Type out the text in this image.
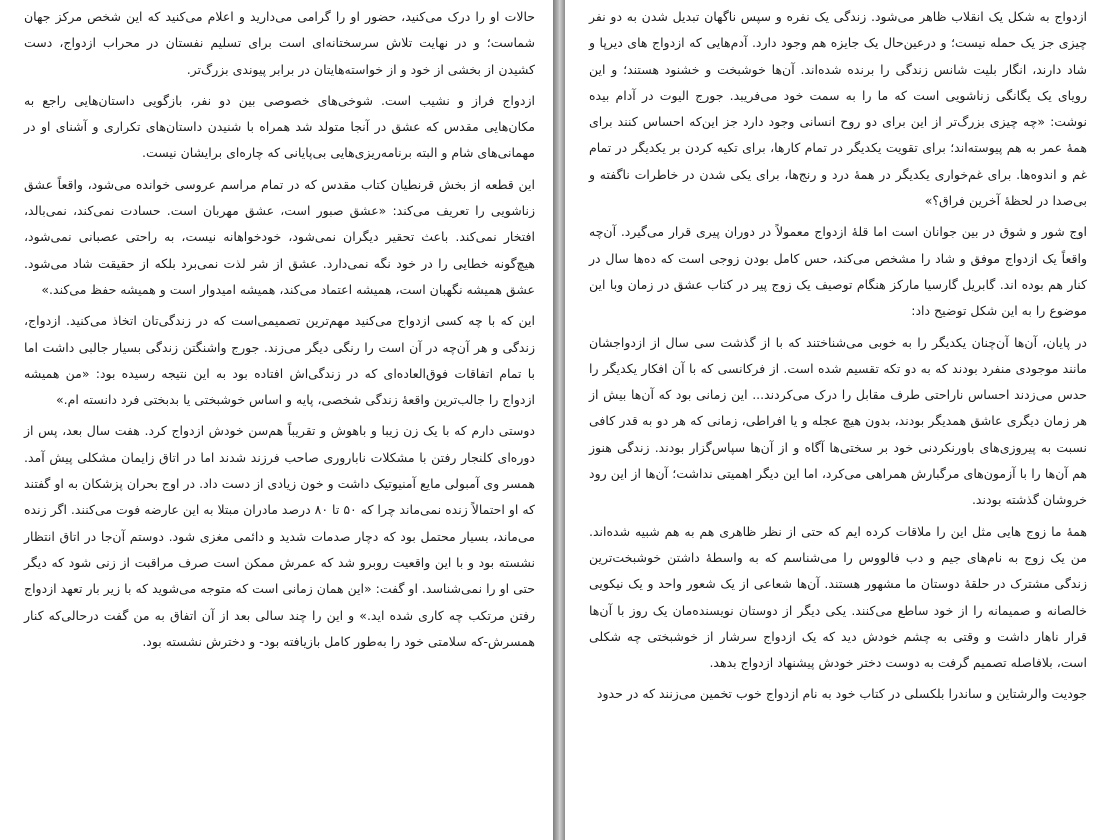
حالات او را درک می‌کنید، حضور او را گرامی می‌دارید و اعلام می‌کنید که این شخص مرکز جهان شماست؛ و در نهایت تلاش سرسختانه‌ای است برای تسلیم نفستان در محراب ازدواج، دست کشیدن از بخشی از خود و از خواسته‌هایتان در برابر پیوندی بزرگ‌تر.

ازدواج فراز و نشیب است. شوخی‌های خصوصی بین دو نفر، بازگویی داستان‌هایی راجع به مکان‌هایی مقدس که عشق در آنجا متولد شد همراه با شنیدن داستان‌های تکراری و آشنای او در مهمانی‌های شام و البته برنامه‌ریزی‌هایی بی‌پایانی که چاره‌ای برایشان نیست.

این قطعه از بخش قرنطیان کتاب مقدس که در تمام مراسم عروسی خوانده می‌شود، واقعاً عشق زناشویی را تعریف می‌کند: «عشق صبور است، عشق مهربان است. حسادت نمی‌کند، نمی‌بالد، افتخار نمی‌کند. باعث تحقیر دیگران نمی‌شود، خودخواهانه نیست، به راحتی عصبانی نمی‌شود، هیچ‌گونه خطایی را در خود نگه نمی‌دارد. عشق از شر لذت نمی‌برد بلکه از حقیقت شاد می‌شود. عشق همیشه نگهبان است، همیشه اعتماد می‌کند، همیشه امیدوار است و همیشه حفظ می‌کند.»

این که با چه کسی ازدواج می‌کنید مهم‌ترین تصمیمی‌است که در زندگی‌تان اتخاذ می‌کنید. ازدواج، زندگی و هر آن‌چه در آن است را رنگی دیگر می‌زند. جورج واشنگتن زندگی بسیار جالبی داشت اما با تمام اتفاقات فوق‌العاده‌ای که در زندگی‌اش افتاده بود به این نتیجه رسیده بود: «من همیشه ازدواج را جالب‌ترین واقعهٔ زندگی شخصی، پایه و اساس خوشبختی یا بدبختی فرد دانسته ام.»

دوستی دارم که با یک زن زیبا و باهوش و تقریباً هم‌سن خودش ازدواج کرد. هفت سال بعد، پس از دوره‌ای کلنجار رفتن با مشکلات ناباروری صاحب فرزند شدند اما در اتاق زایمان مشکلی پیش آمد. همسر وی آمبولی مایع آمنیوتیک داشت و خون زیادی از دست داد. در اوج بحران پزشکان به او گفتند که او احتمالاً زنده نمی‌ماند چرا که ۵۰ تا ۸۰ درصد مادران مبتلا به این عارضه فوت می‌کنند. اگر زنده می‌ماند، بسیار محتمل بود که دچار صدمات شدید و دائمی مغزی شود. دوستم آن‌جا در اتاق انتظار نشسته بود و با این واقعیت روبرو شد که عمرش ممکن است صرف مراقبت از زنی شود که دیگر حتی او را نمی‌شناسد. او گفت: «این همان زمانی است که متوجه می‌شوید که با زیر بار تعهد ازدواج رفتن مرتکب چه کاری شده اید.» و این را چند سالی بعد از آن اتفاق به من گفت درحالی‌که کنار همسرش-که سلامتی خود را به‌طور کامل بازیافته بود- و دخترش نشسته بود.

ازدواج به شکل یک انقلاب ظاهر می‌شود. زندگی یک نفره و سپس ناگهان تبدیل شدن به دو نفر چیزی جز یک حمله نیست؛ و درعین‌حال یک جایزه هم وجود دارد. آدم‌هایی که ازدواج های دیرپا و شاد دارند، انگار بلیت شانس زندگی را برنده شده‌اند. آن‌ها خوشبخت و خشنود هستند؛ و این رویای یک یگانگی زناشویی است که ما را به سمت خود می‌فریبد. جورج الیوت در آدام بیده نوشت: «چه چیزی بزرگ‌تر از این برای دو روح انسانی وجود دارد جز این‌که احساس کنند برای همهٔ عمر به هم پیوسته‌اند؛ برای تقویت یکدیگر در تمام کارها، برای تکیه کردن بر یکدیگر در تمام غم و اندوه‌ها. برای غم‌خواری یکدیگر در همهٔ درد و رنج‌ها، برای یکی شدن در خاطرات ناگفته و بی‌صدا در لحظهٔ آخرین فراق؟»

اوج شور و شوق در بین جوانان است اما قلهٔ ازدواج معمولاً در دوران پیری قرار می‌گیرد. آن‌چه واقعاً یک ازدواج موفق و شاد را مشخص می‌کند، حس کامل بودن زوجی است که ده‌ها سال در کنار هم بوده اند. گابریل گارسیا مارکز هنگام توصیف یک زوج پیر در کتاب عشق در زمان وبا این موضوع را به این شکل توضیح داد:

در پایان، آن‌ها آن‌چنان یکدیگر را به خوبی می‌شناختند که با از گذشت سی سال از ازدواجشان مانند موجودی منفرد بودند که به دو تکه تقسیم شده است. از فرکانسی که با آن افکار یکدیگر را حدس می‌زدند احساس ناراحتی طرف مقابل را درک می‌کردند... این زمانی بود که آن‌ها بیش از هر زمان دیگری عاشق همدیگر بودند، بدون هیچ عجله و یا افراطی، زمانی که هر دو به قدر کافی نسبت به پیروزی‌های باورنکردنی خود بر سختی‌ها آگاه و از آن‌ها سپاس‌گزار بودند. زندگی هنوز هم آن‌ها را با آزمون‌های مرگبارش همراهی می‌کرد، اما این دیگر اهمیتی نداشت؛ آن‌ها از این رود خروشان گذشته بودند.

همهٔ ما زوج هایی مثل این را ملاقات کرده ایم که حتی از نظر ظاهری هم به هم شبیه شده‌اند. من یک زوج به نام‌های جیم و دب فالووس را می‌شناسم که به واسطهٔ داشتن خوشبخت‌ترین زندگی مشترک در حلقهٔ دوستان ما مشهور هستند. آن‌ها شعاعی از یک شعور واحد و یک نیکویی خالصانه و صمیمانه را از خود ساطع می‌کنند. یکی دیگر از دوستان نویسنده‌مان یک روز با آن‌ها قرار ناهار داشت و وقتی به چشم خودش دید که یک ازدواج سرشار از خوشبختی چه شکلی است، بلافاصله تصمیم گرفت به دوست دختر خودش پیشنهاد ازدواج بدهد.

جودیت والرشتاین و ساندرا بلکسلی در کتاب خود به نام ازدواج خوب تخمین می‌زنند که در حدود
